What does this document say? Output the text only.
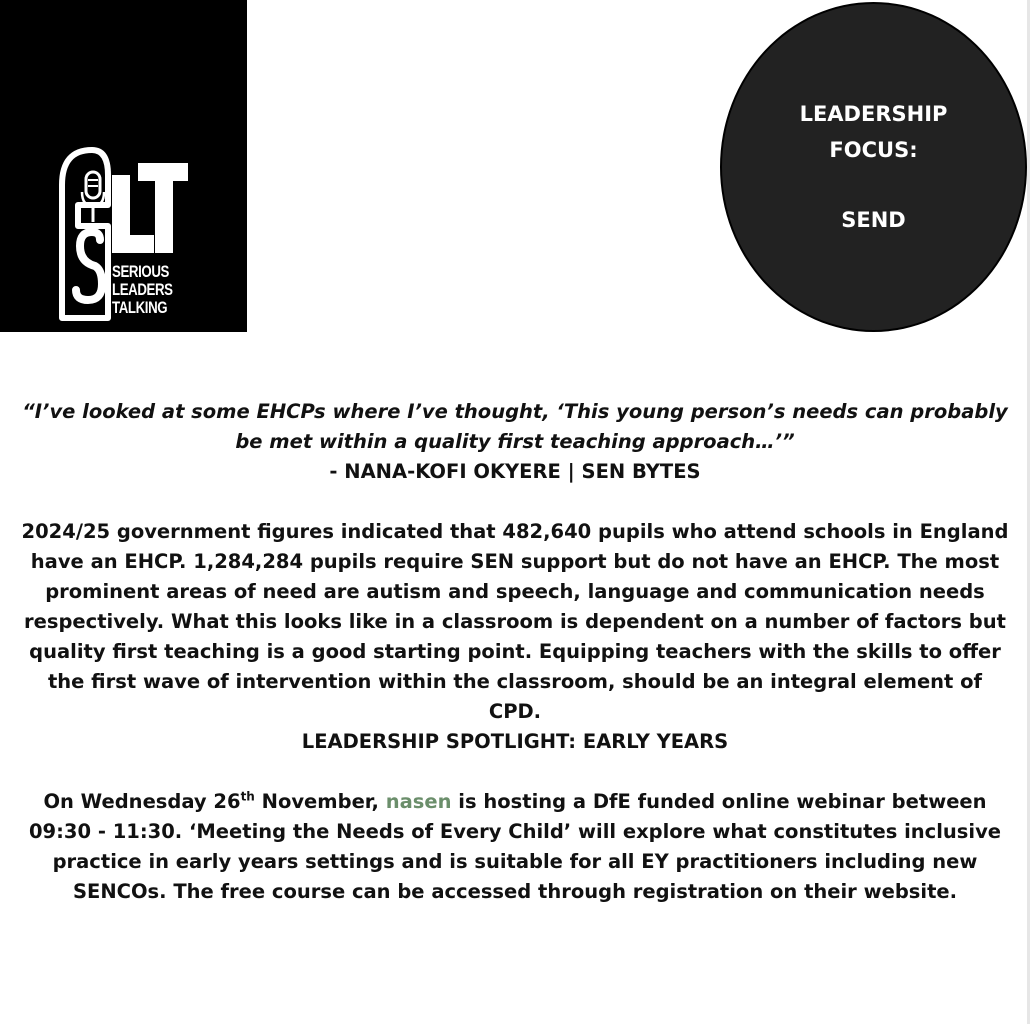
SERIOUS
LEADERS
TALKING
LEADERSHIP
FOCUS:
SEND
“I’ve looked at some EHCPs where I’ve thought, ‘This young person’s needs can probably
be met within a quality first teaching approach…’”
- NANA-KOFI OKYERE | SEN BYTES
2024/25 government figures indicated that 482,640 pupils who attend schools in England
have an EHCP. 1,284,284 pupils require SEN support but do not have an EHCP. The most
prominent areas of need are autism and speech, language and communication needs
respectively. What this looks like in a classroom is dependent on a number of factors but
quality first teaching is a good starting point. Equipping teachers with the skills to offer
the first wave of intervention within the classroom, should be an integral element of CPD.
LEADERSHIP SPOTLIGHT: EARLY YEARS
On Wednesday 26th November, nasen is hosting a DfE funded online webinar between
09:30 - 11:30. ‘Meeting the Needs of Every Child’ will explore what constitutes inclusive
practice in early years settings and is suitable for all EY practitioners including new
SENCOs. The free course can be accessed through registration on their website.
